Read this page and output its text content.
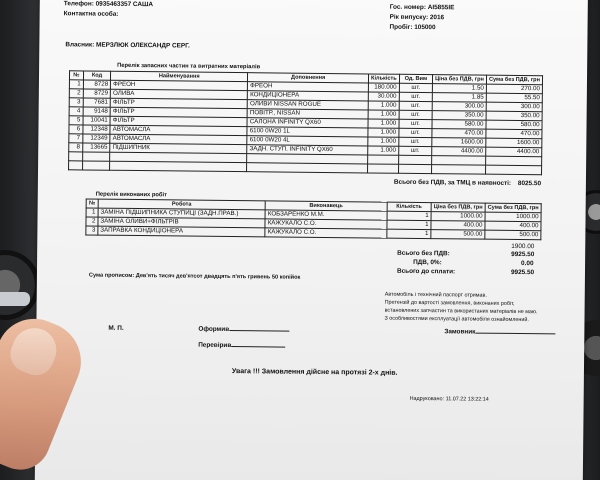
Телефон: 0935463357 САША
Контактна особа:
Гос. номер: AI5855IE
Рік випуску: 2016
Пробіг: 105000
Власник: МЕРЗЛЮК ОЛЕКСАНДР СЕРГ.
Перелік запасних частин та витратних матеріалів
№	Код	Найменування	Доповнення	Кількість	Од. Вим	Ціна без ПДВ, грн	Сума без ПДВ, грн
1	8728	ФРЕОН	ФРЕОН	180.000	шт.	1.50	270.00
2	8729	ОЛИВА	КОНДИЦІОНЕРА	30.000	шт.	1.85	55.50
3	7681	ФІЛЬТР	ОЛИВИ NISSAN ROGUE	1.000	шт.	300.00	300.00
4	9148	ФІЛЬТР	ПОВІТР., NISSAN	1.000	шт.	350.00	350.00
5	10041	ФІЛЬТР	САЛОНА INFINITY QX60	1.000	шт.	580.00	580.00
6	12348	АВТОМАСЛА	6100 0W20 1L	1.000	шт.	470.00	470.00
7	12349	АВТОМАСЛА	6100 0W20 4L	1.000	шт.	1600.00	1600.00
8	13665	ПІДШИПНИК	ЗАДН. СТУП. INFINITY QX60	1.000	шт.	4400.00	4400.00

Всього без ПДВ, за ТМЦ в наявності: 8025.50
Перелік виконаних робіт
№	Робота	Виконавець	Кількість	Ціна без ПДВ, грн	Сума без ПДВ, грн
1	ЗАМІНА ПІДШИПНИКА СТУПИЦІ (ЗАДН.ПРАВ.)	КОБЗАРЕНКО М.М.	1	1000.00	1000.00
2	ЗАМІНА ОЛИВИ+ФІЛЬТРІВ	КАЖУКАЛО С.О.	1	400.00	400.00
3	ЗАПРАВКА КОНДИЦІОНЕРА	КАЖУКАЛО С.О.	1	500.00	500.00
1900.00
Всього без ПДВ:	9925.50
ПДВ, 0%:	0.00
Всього до сплати:	9925.50
Сума прописом: Дев'ять тисяч дев'ятсот двадцять п'ять гривень 50 копійок
Автомобіль і технічний паспорт отримав.
Претензій до вартості замовлення, виконаних робіт,
встановлених запчастин та використаних матеріалів не маю.
З особливостями експлуатації автомобіля ознайомлений.
М. П.	Оформив
Перевірив
Замовник
Увага !!! Замовлення дійсне на протязі 2-х днів.
Надруковано: 11.07.22 13:22:14
